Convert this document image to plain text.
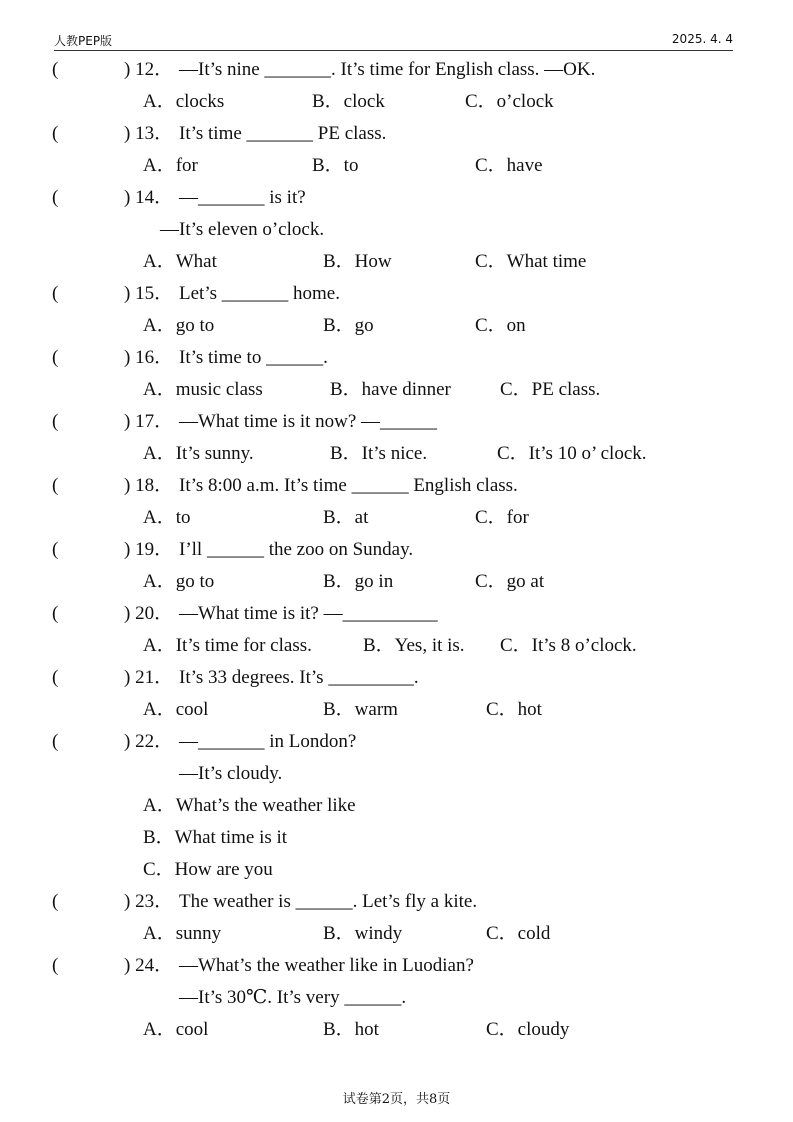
人教PEP版	2025. 4. 4
(	) 12． —It’s nine _______. It’s time for English class. —OK.
A．clocks	B．clock	C．o’clock
(	) 13． It’s time _______ PE class.
A．for	B．to	C．have
(	) 14． —_______ is it?
—It’s eleven o’clock.
A．What	B．How	C．What time
(	) 15． Let’s _______ home.
A．go to	B．go	C．on
(	) 16． It’s time to ______.
A．music class	B．have dinner	C．PE class.
(	) 17． —What time is it now? —______
A．It’s sunny.	B．It’s nice.	C．It’s 10 o’ clock.
(	) 18． It’s 8:00 a.m. It’s time ______ English class.
A．to	B．at	C．for
(	) 19． I’ll ______ the zoo on Sunday.
A．go to	B．go in	C．go at
(	) 20． —What time is it? —__________
A．It’s time for class.	B．Yes, it is. C．It’s 8 o’clock.
(	) 21． It’s 33 degrees. It’s _________.
A．cool	B．warm	C．hot
(	) 22． —_______ in London?
—It’s cloudy.
A．What’s the weather like
B．What time is it
C．How are you
(	) 23． The weather is ______. Let’s fly a kite.
A．sunny	B．windy	C．cold
(	) 24． —What’s the weather like in Luodian?
—It’s 30℃. It’s very ______.
A．cool	B．hot	C．cloudy
试卷第2页，共8页
